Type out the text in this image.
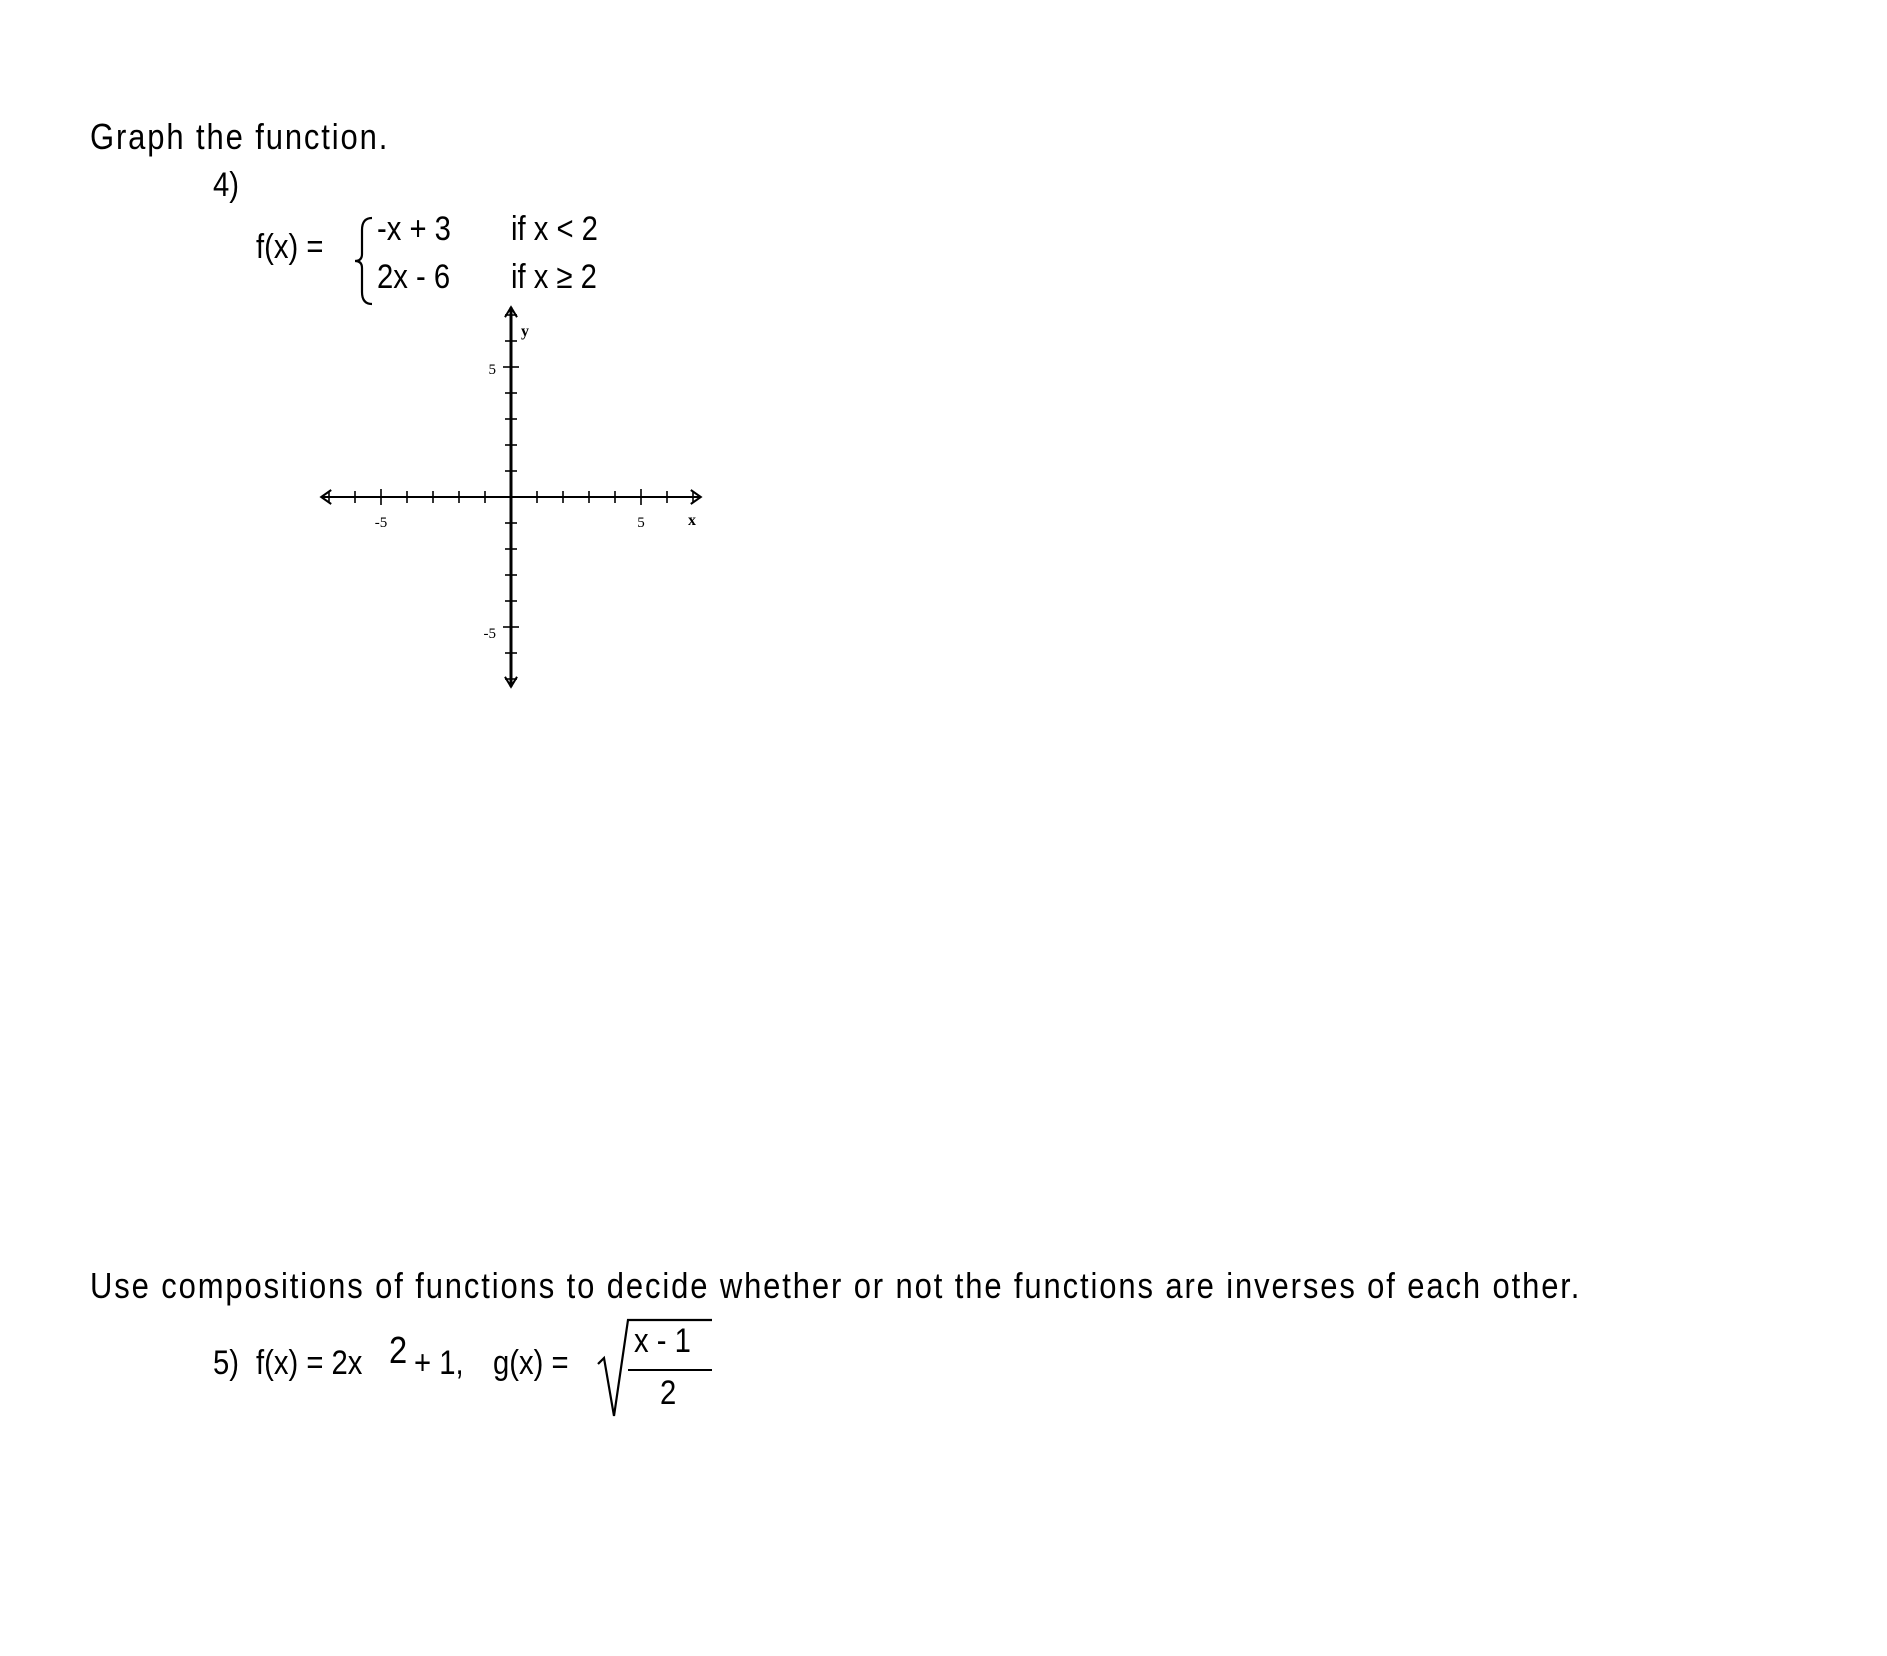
Graph the function.
4)
f(x) = -x + 3 if x < 2
2x - 6 if x ≥ 2
x
y
-5	5
5
-5
Use compositions of functions to decide whether or not the functions are inverses of each other.
5) f(x) = 2x 2 + 1, g(x) =
x - 1
2
